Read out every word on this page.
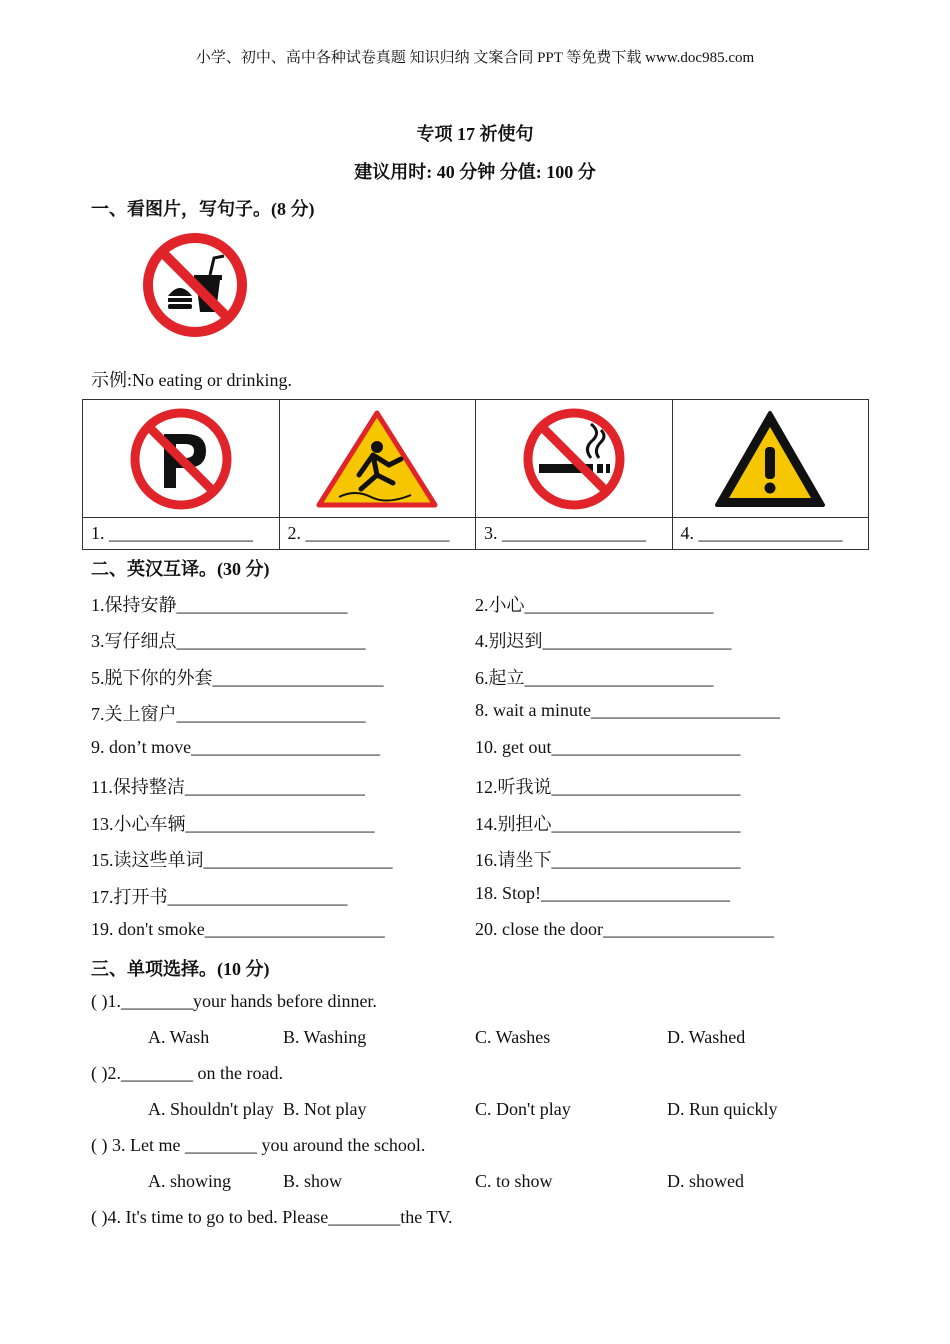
小学、初中、高中各种试卷真题 知识归纳 文案合同 PPT 等免费下载 www.doc985.com
专项 17 祈使句
建议用时: 40 分钟 分值: 100 分
一、看图片，写句子。(8 分)
示例:No eating or drinking.

1. ________________	2. ________________	3. ________________	4. ________________
二、英汉互译。(30 分)
1.保持安静___________________	2.小心_____________________
3.写仔细点_____________________	4.别迟到_____________________
5.脱下你的外套___________________	6.起立_____________________
7.关上窗户_____________________	8. wait a minute_____________________
9. don’t move_____________________	10. get out_____________________
11.保持整洁____________________	12.听我说_____________________
13.小心车辆_____________________	14.别担心_____________________
15.读这些单词_____________________	16.请坐下_____________________
17.打开书____________________	18. Stop!_____________________
19. don't smoke____________________	20. close the door___________________
三、单项选择。(10 分)
( )1.________your hands before dinner.
A. Wash	B. Washing	C. Washes	D. Washed
( )2.________ on the road.
A. Shouldn't play B. Not play	C. Don't play	D. Run quickly
( ) 3. Let me ________ you around the school.
A. showing	B. show	C. to show	D. showed
( )4. It's time to go to bed. Please________the TV.
